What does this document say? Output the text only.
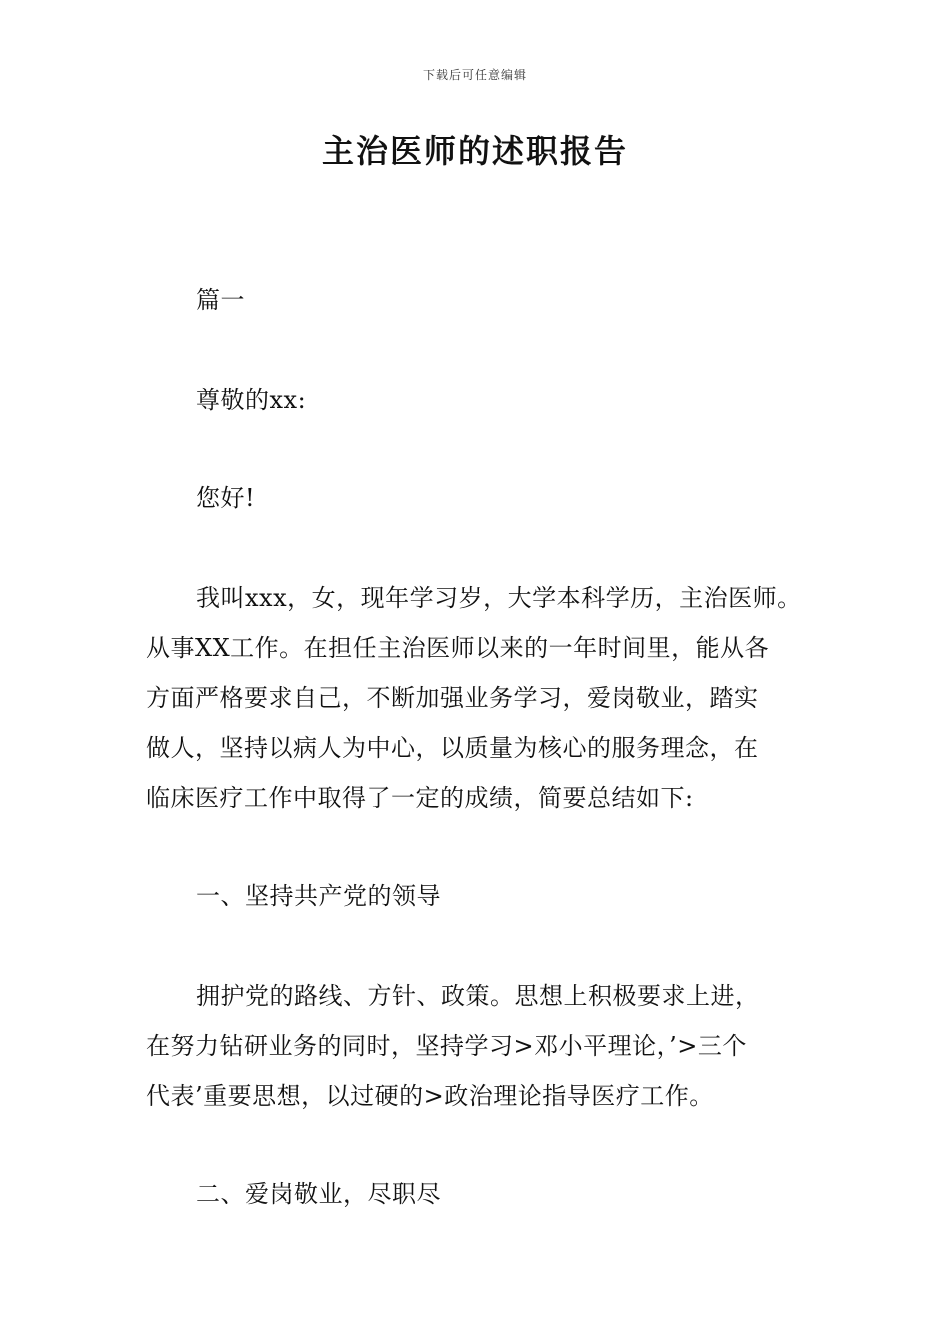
下载后可任意编辑
主治医师的述职报告
篇一
尊敬的xx:
您好!
我叫xxx，女，现年学习岁，大学本科学历，主治医师。
从事XX工作。在担任主治医师以来的一年时间里，能从各
方面严格要求自己，不断加强业务学习，爱岗敬业，踏实
做人，坚持以病人为中心，以质量为核心的服务理念，在
临床医疗工作中取得了一定的成绩，简要总结如下:
一、坚持共产党的领导
拥护党的路线、方针、政策。思想上积极要求上进，
在努力钻研业务的同时，坚持学习>邓小平理论，’>三个
代表’重要思想，以过硬的>政治理论指导医疗工作。
二、爱岗敬业，尽职尽
